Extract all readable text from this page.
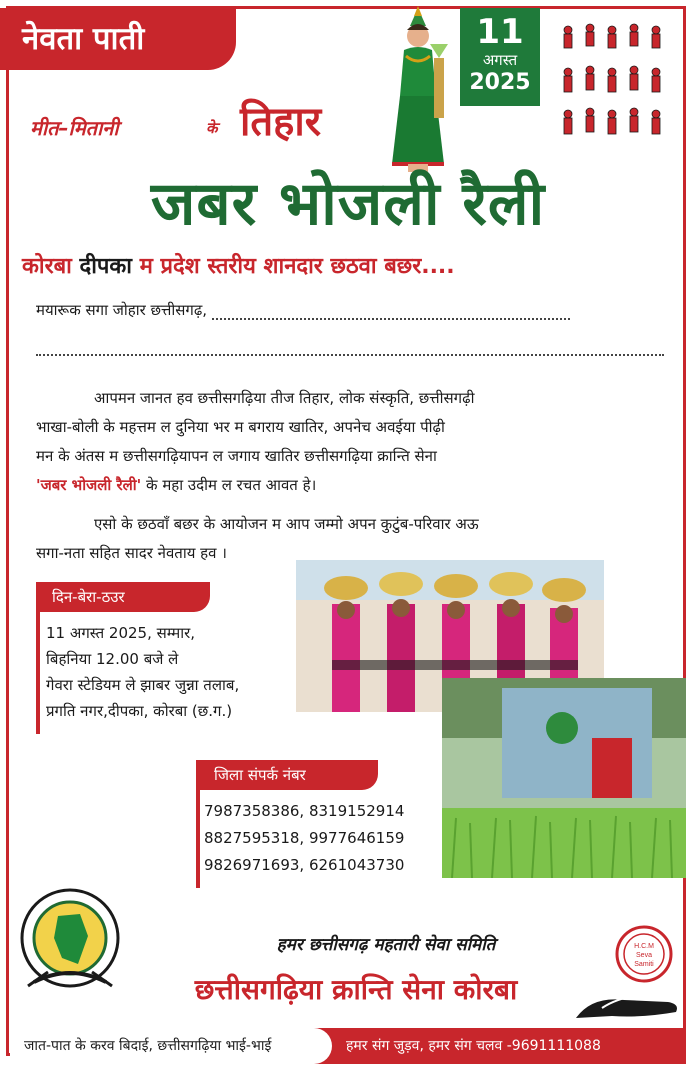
नेवता पाती	11
अगस्त
2025
मीत–मितानी	के तिहार
जबर भोजली रैली
कोरबा दीपका म प्रदेश स्तरीय शानदार छठवा बछर....
मयारूक सगा जोहार छत्तीसगढ़,
आपमन जानत हव छत्तीसगढ़िया तीज तिहार, लोक संस्कृति, छत्तीसगढ़ी
भाखा-बोली के महत्तम ल दुनिया भर म बगराय खातिर, अपनेच अवईया पीढ़ी
मन के अंतस म छत्तीसगढ़ियापन ल जगाय खातिर छत्तीसगढ़िया क्रान्ति सेना
'जबर भोजली रैली' के महा उदीम ल रचत आवत हे।
एसो के छठवाँ बछर के आयोजन म आप जम्मो अपन कुटुंब-परिवार अऊ
सगा-नता सहित सादर नेवताय हव ।
दिन-बेरा-ठउर
11 अगस्त 2025, सम्मार,
बिहनिया 12.00 बजे ले
गेवरा स्टेडियम ले झाबर जुन्ना तलाब,
प्रगति नगर,दीपका, कोरबा (छ.ग.)
जिला संपर्क नंबर
7987358386, 8319152914
8827595318, 9977646159
9826971693, 6261043730
हमर छत्तीसगढ़ महतारी सेवा समिति
छत्तीसगढ़िया क्रान्ति सेना कोरबा
H.C.M
Seva
Samiti
जात-पात के करव बिदाई, छत्तीसगढ़िया भाई-भाई	हमर संग जुड़व, हमर संग चलव -9691111088
